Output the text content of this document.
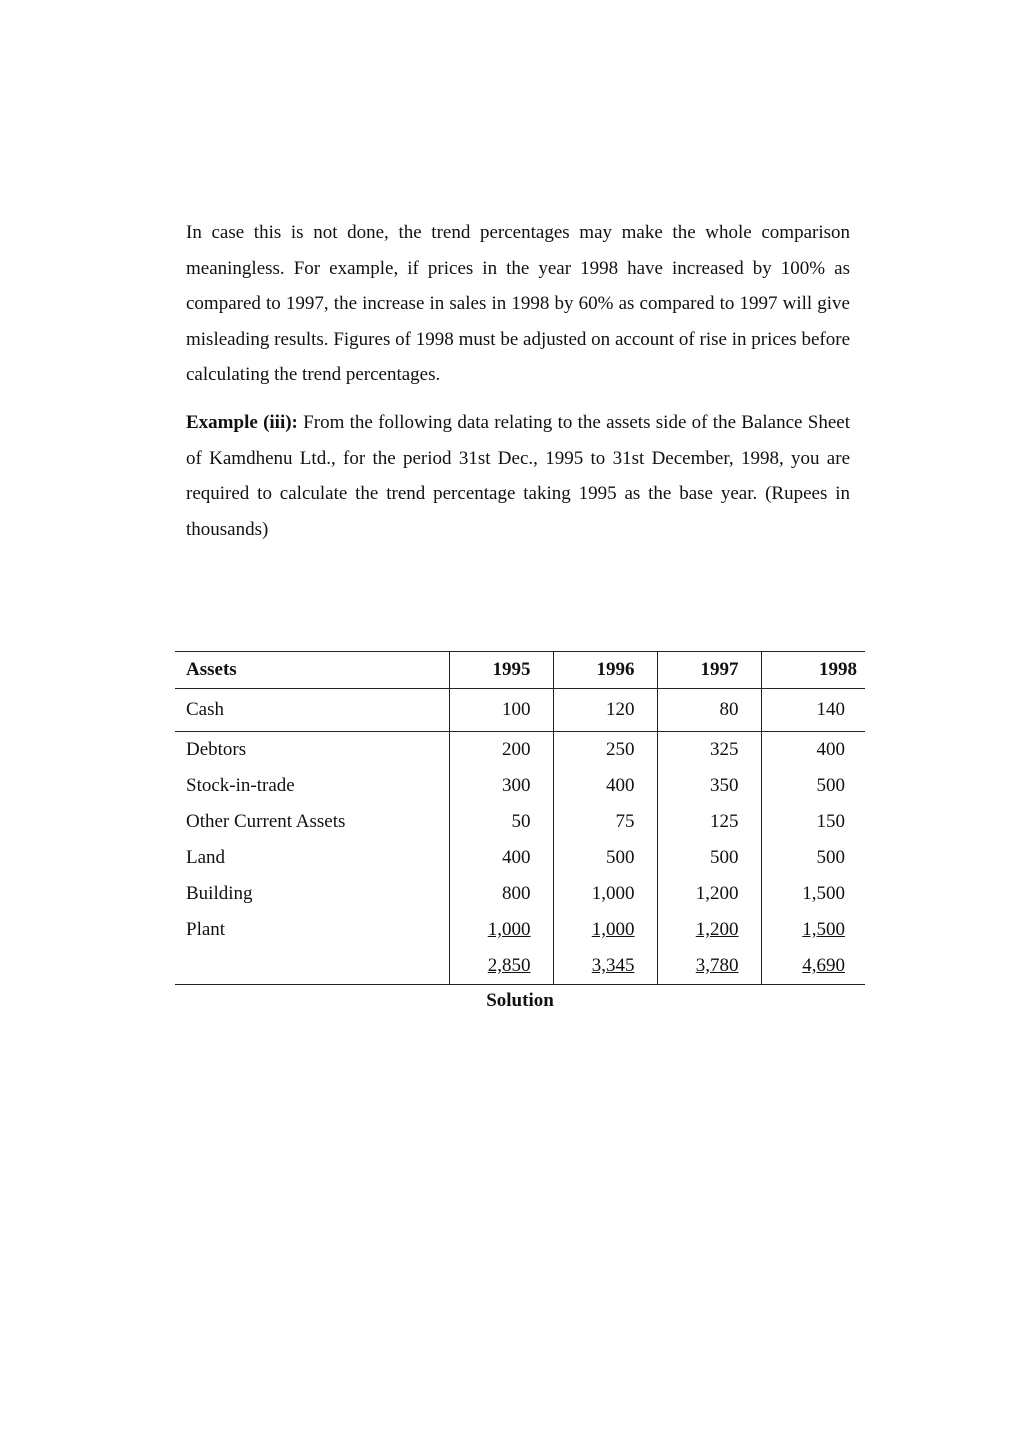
In case this is not done, the trend percentages may make the whole comparison meaningless. For example, if prices in the year 1998 have increased by 100% as compared to 1997, the increase in sales in 1998 by 60% as compared to 1997 will give misleading results. Figures of 1998 must be adjusted on account of rise in prices before calculating the trend percentages.

Example (iii): From the following data relating to the assets side of the Balance Sheet of Kamdhenu Ltd., for the period 31st Dec., 1995 to 31st December, 1998, you are required to calculate the trend percentage taking 1995 as the base year. (Rupees in thousands)

Assets	1995	1996	1997	1998
Cash	100	120	80	140
Debtors	200	250	325	400
Stock-in-trade	300	400	350	500
Other Current Assets	50	75	125	150
Land	400	500	500	500
Building	800	1,000	1,200	1,500
Plant	1,000	1,000	1,200	1,500
	2,850	3,345	3,780	4,690
Solution
